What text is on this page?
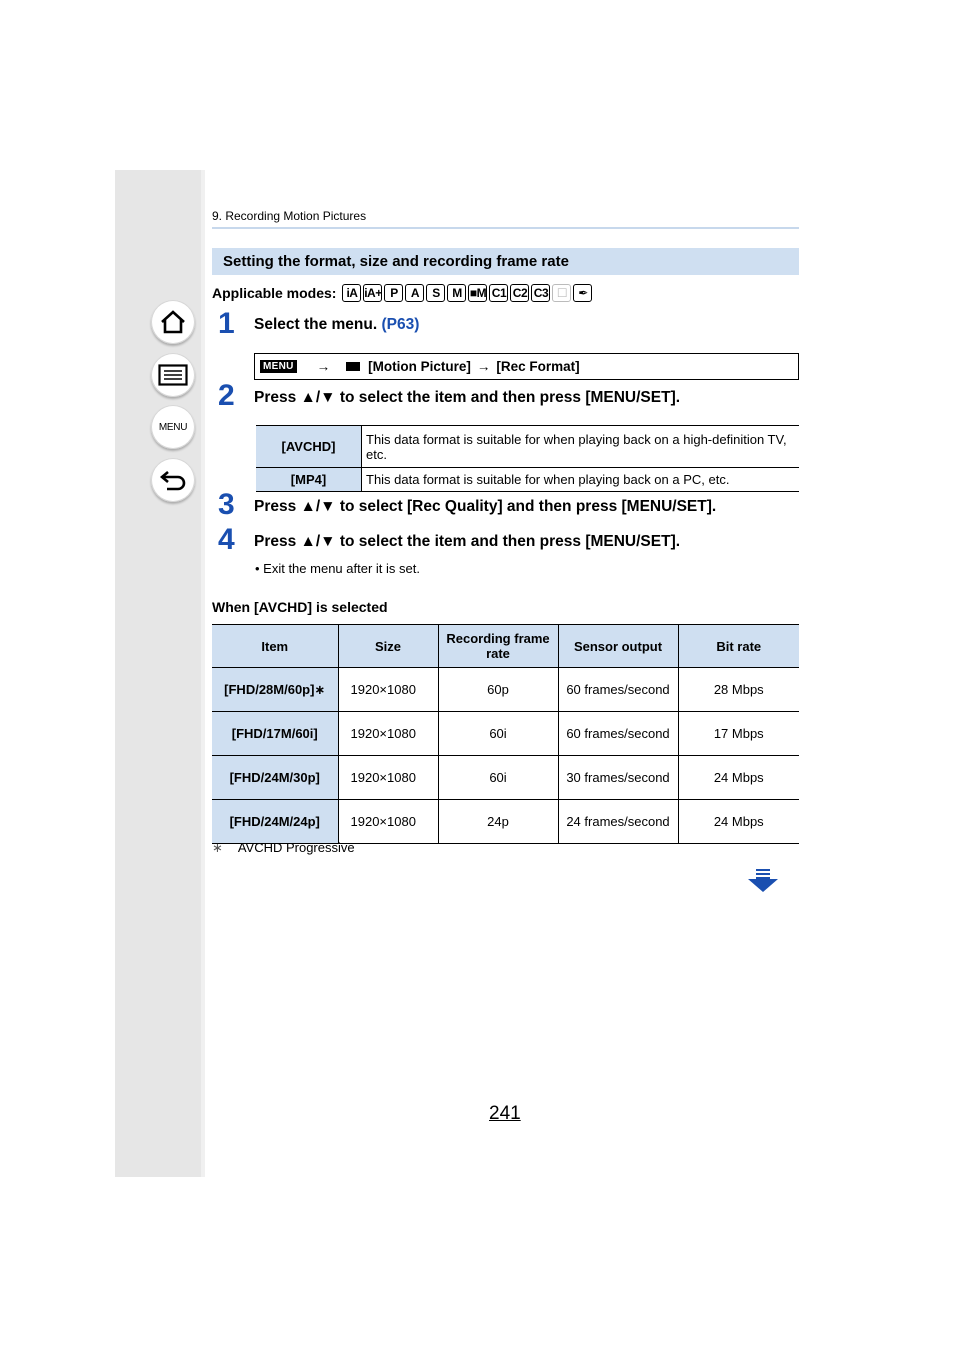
MENU
9. Recording Motion Pictures
Setting the format, size and recording frame rate
Applicable modes: iA iA+ P	A	S	M ■M C1 C2 C3 ☐ ✒
1 Select the menu. (P63)
MENU →	[Motion Picture] → [Rec Format]
2 Press ▲/▼ to select the item and then press [MENU/SET].
[AVCHD]	This data format is suitable for when playing back on a high-definition TV, etc.
[MP4]	This data format is suitable for when playing back on a PC, etc.
3 Press ▲/▼ to select [Rec Quality] and then press [MENU/SET].
4 Press ▲/▼ to select the item and then press [MENU/SET].
• Exit the menu after it is set.
When [AVCHD] is selected
Item	Size	Recording frame rate	Sensor output	Bit rate
[FHD/28M/60p]∗	1920×1080	60p	60 frames/second	28 Mbps
[FHD/17M/60i]	1920×1080	60i	60 frames/second	17 Mbps
[FHD/24M/30p]	1920×1080	60i	30 frames/second	24 Mbps
[FHD/24M/24p]	1920×1080	24p	24 frames/second	24 Mbps
∗ AVCHD Progressive
241
